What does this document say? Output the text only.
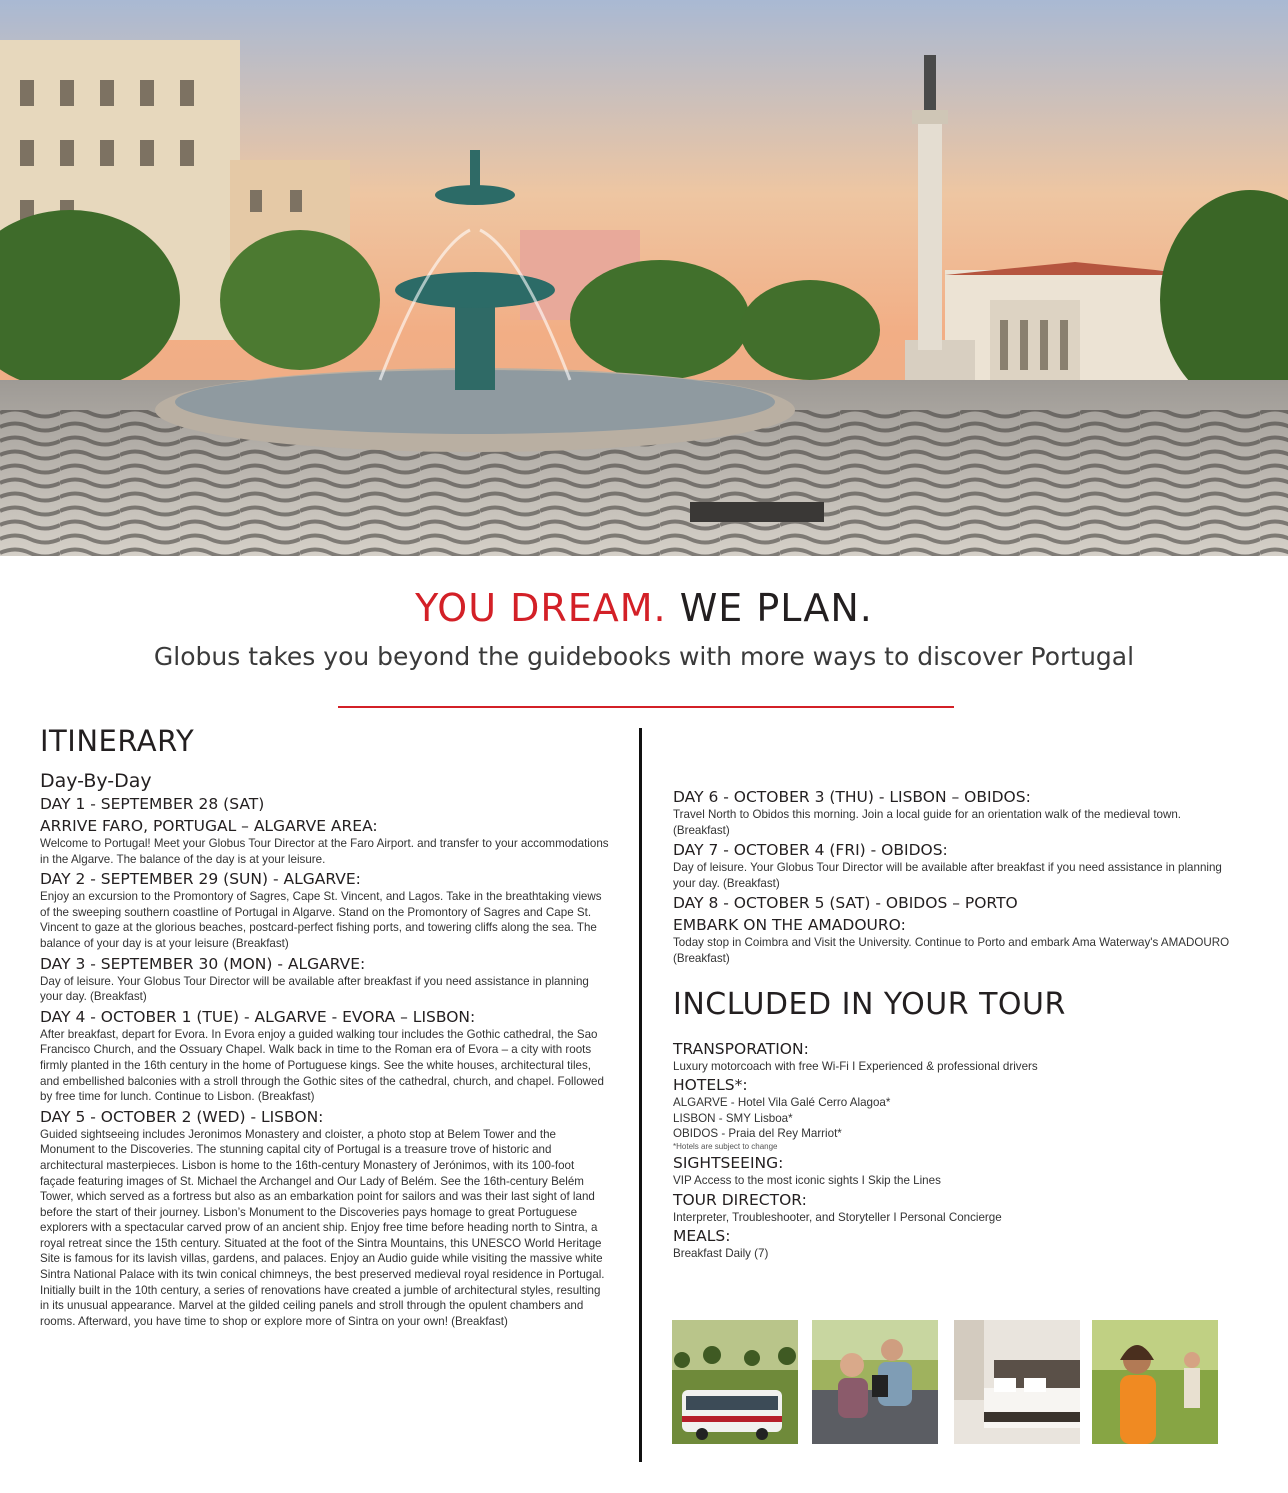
YOU DREAM. WE PLAN.
Globus takes you beyond the guidebooks with more ways to discover Portugal
ITINERARY
Day-By-Day
DAY 1 - SEPTEMBER 28 (SAT)
ARRIVE FARO, PORTUGAL – ALGARVE AREA:

Welcome to Portugal! Meet your Globus Tour Director at the Faro Airport. and transfer to your accommodations in the Algarve. The balance of the day is at your leisure.

DAY 2 - SEPTEMBER 29 (SUN) - ALGARVE:

Enjoy an excursion to the Promontory of Sagres, Cape St. Vincent, and Lagos. Take in the breathtaking views of the sweeping southern coastline of Portugal in Algarve. Stand on the Promontory of Sagres and Cape St. Vincent to gaze at the glorious beaches, postcard-perfect fishing ports, and towering cliffs along the sea. The balance of your day is at your leisure (Breakfast)

DAY 3 - SEPTEMBER 30 (MON) - ALGARVE:

Day of leisure. Your Globus Tour Director will be available after breakfast if you need assistance in planning your day. (Breakfast)

DAY 4 - OCTOBER 1 (TUE) - ALGARVE - EVORA – LISBON:

After breakfast, depart for Evora. In Evora enjoy a guided walking tour includes the Gothic cathedral, the Sao Francisco Church, and the Ossuary Chapel. Walk back in time to the Roman era of Evora – a city with roots firmly planted in the 16th century in the home of Portuguese kings. See the white houses, architectural tiles, and embellished balconies with a stroll through the Gothic sites of the cathedral, church, and chapel. Followed by free time for lunch. Continue to Lisbon. (Breakfast)

DAY 5 - OCTOBER 2 (WED) - LISBON:

Guided sightseeing includes Jeronimos Monastery and cloister, a photo stop at Belem Tower and the Monument to the Discoveries. The stunning capital city of Portugal is a treasure trove of historic and architectural masterpieces. Lisbon is home to the 16th-century Monastery of Jerónimos, with its 100-foot façade featuring images of St. Michael the Archangel and Our Lady of Belém. See the 16th-century Belém Tower, which served as a fortress but also as an embarkation point for sailors and was their last sight of land before the start of their journey. Lisbon’s Monument to the Discoveries pays homage to great Portuguese explorers with a spectacular carved prow of an ancient ship. Enjoy free time before heading north to Sintra, a royal retreat since the 15th century. Situated at the foot of the Sintra Mountains, this UNESCO World Heritage Site is famous for its lavish villas, gardens, and palaces. Enjoy an Audio guide while visiting the massive white Sintra National Palace with its twin conical chimneys, the best preserved medieval royal residence in Portugal. Initially built in the 10th century, a series of renovations have created a jumble of architectural styles, resulting in its unusual appearance. Marvel at the gilded ceiling panels and stroll through the opulent chambers and rooms. Afterward, you have time to shop or explore more of Sintra on your own! (Breakfast)

DAY 6 - OCTOBER 3 (THU) - LISBON – OBIDOS:

Travel North to Obidos this morning. Join a local guide for an orientation walk of the medieval town. (Breakfast)

DAY 7 - OCTOBER 4 (FRI) - OBIDOS:

Day of leisure. Your Globus Tour Director will be available after breakfast if you need assistance in planning your day. (Breakfast)

DAY 8 - OCTOBER 5 (SAT) - OBIDOS – PORTO
EMBARK ON THE AMADOURO:

Today stop in Coimbra and Visit the University. Continue to Porto and embark Ama Waterway's AMADOURO (Breakfast)

INCLUDED IN YOUR TOUR
TRANSPORATION:

Luxury motorcoach with free Wi-Fi I Experienced & professional drivers

HOTELS*:

ALGARVE - Hotel Vila Galé Cerro Alagoa*

LISBON - SMY Lisboa*

OBIDOS - Praia del Rey Marriot*

*Hotels are subject to change
SIGHTSEEING:

VIP Access to the most iconic sights I Skip the Lines

TOUR DIRECTOR:

Interpreter, Troubleshooter, and Storyteller I Personal Concierge

MEALS:

Breakfast Daily (7)
